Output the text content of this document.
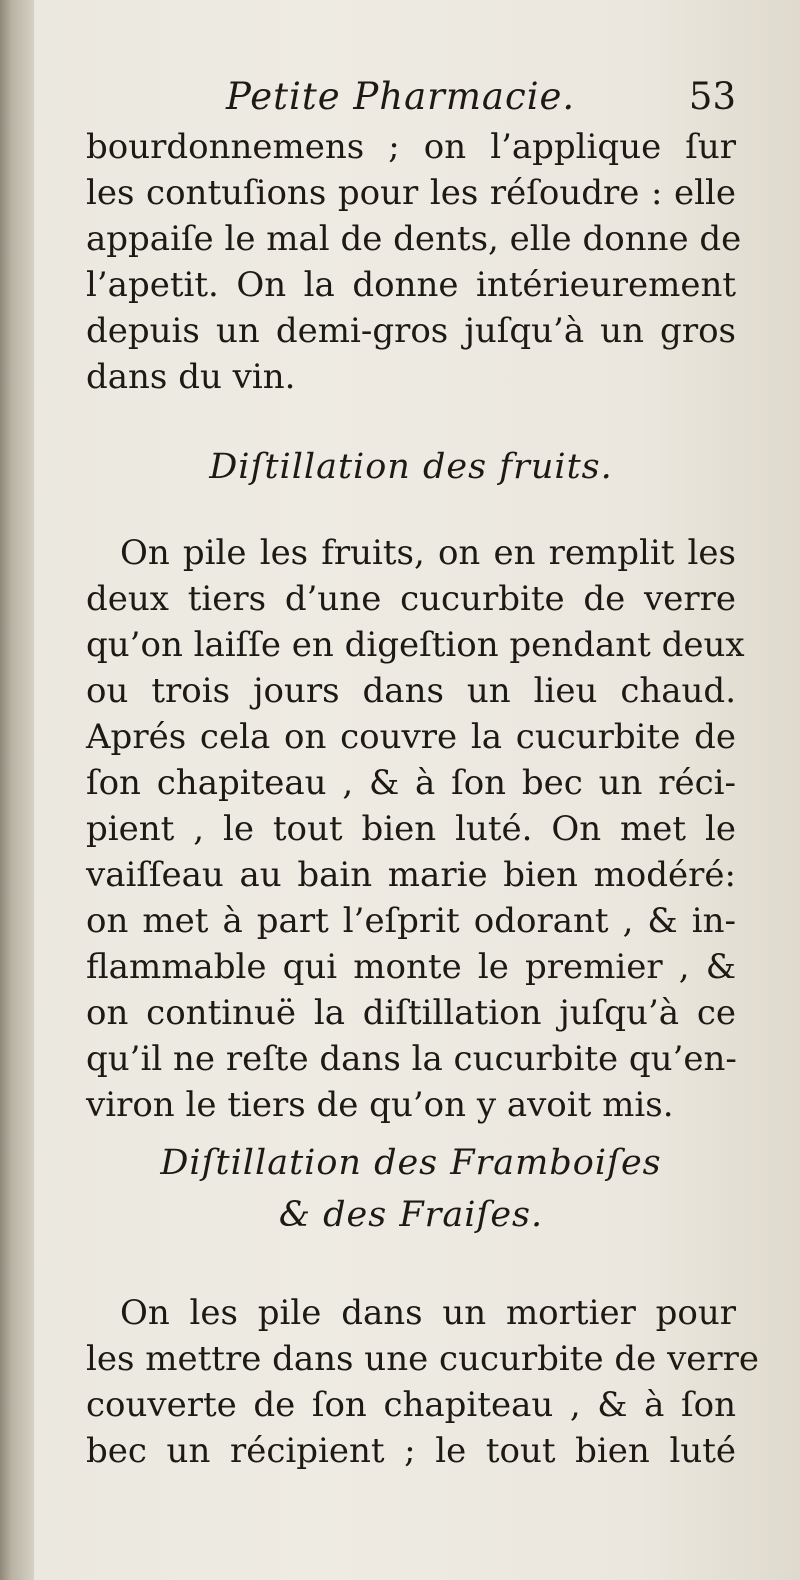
Petite Pharmacie.	53
bourdonnemens ; on l’applique ſur
les contuſions pour les réſoudre : elle
appaiſe le mal de dents, elle donne de
l’apetit. On la donne intérieurement
depuis un demi-gros juſqu’à un gros
dans du vin.
Diſtillation des fruits.
On pile les fruits, on en remplit les
deux tiers d’une cucurbite de verre
qu’on laiſſe en digeſtion pendant deux
ou trois jours dans un lieu chaud.
Aprés cela on couvre la cucurbite de
ſon chapiteau , & à ſon bec un réci-
pient , le tout bien luté. On met le
vaiſſeau au bain marie bien modéré:
on met à part l’eſprit odorant , & in-
flammable qui monte le premier , &
on continuë la diſtillation juſqu’à ce
qu’il ne reſte dans la cucurbite qu’en-
viron le tiers de qu’on y avoit mis.
Diſtillation des Framboiſes
& des Fraiſes.
On les pile dans un mortier pour
les mettre dans une cucurbite de verre
couverte de ſon chapiteau , & à ſon
bec un récipient ; le tout bien luté
